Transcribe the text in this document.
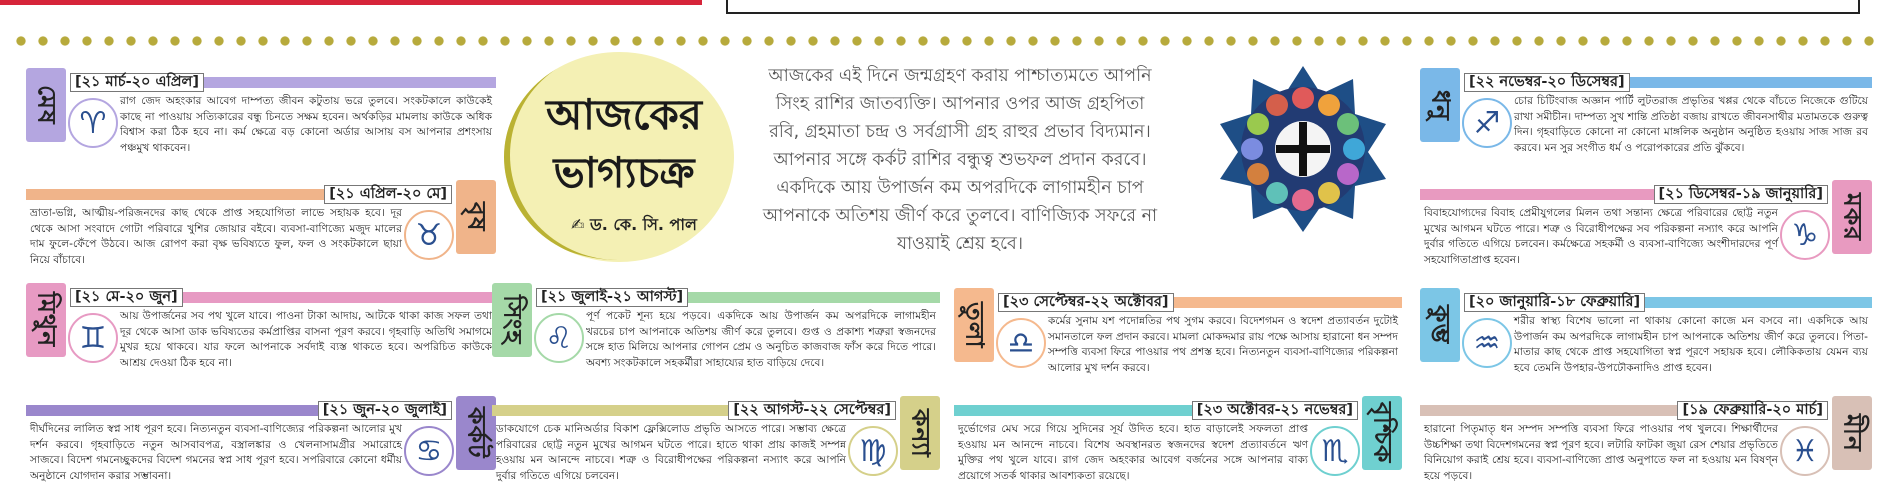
আজকের
ভাগ্যচক্র
✍ ড. কে. সি. পাল
আজকের এই দিনে জন্মগ্রহণ করায় পাশ্চাত্যমতে আপনি সিংহ রাশির জাতব্যক্তি। আপনার ওপর আজ গ্রহপিতা রবি, গ্রহমাতা চন্দ্র ও সর্বগ্রাসী গ্রহ রাহুর প্রভাব বিদ্যমান। আপনার সঙ্গে কর্কট রাশির বন্ধুত্ব শুভফল প্রদান করবে। একদিকে আয় উপার্জন কম অপরদিকে লাগামহীন চাপ আপনাকে অতিশয় জীর্ণ করে তুলবে। বাণিজ্যিক সফরে না যাওয়াই শ্রেয় হবে।
মেষ
[২১ মার্চ-২০ এপ্রিল]
♈
রাগ জেদ অহংকার আবেগ দাম্পত্য জীবন কটুতায় ভরে তুলবে। সংকটকালে কাউকেই কাছে না পাওয়ায় সত্যিকারের বন্ধু চিনতে সক্ষম হবেন। অর্থকড়ির মামলায় কাউকে অধিক বিশ্বাস করা ঠিক হবে না। কর্ম ক্ষেত্রে বড় কোনো অর্ডার আসায় বস আপনার প্রশংসায় পঞ্চমুখ থাকবেন।
বৃষ
[২১ এপ্রিল-২০ মে]
♉
ভ্রাতা-ভগ্নি, আত্মীয়-পরিজনদের কাছ থেকে প্রাপ্ত সহযোগিতা লাভে সহায়ক হবে। দূর থেকে আসা সংবাদে গোটা পরিবারে খুশির জোয়ার বইবে। ব্যবসা-বাণিজ্যে মজুদ মালের দাম ফুলে-ফেঁপে উঠবে। আজ রোপণ করা বৃক্ষ ভবিষ্যতে ফুল, ফল ও সংকটকালে ছায়া নিয়ে বাঁচাবে।
মিথুন [২১ মে-২০ জুন]
♊
আয় উপার্জনের সব পথ খুলে যাবে। পাওনা টাকা আদায়, আটকে থাকা কাজ সফল তথা দূর থেকে আসা ডাক ভবিষ্যতের কর্মপ্রাপ্তির বাসনা পূরণ করবে। গৃহবাড়ি অতিথি সমাগমে মুখর হয়ে থাকবে। যার ফলে আপনাকে সর্বদাই ব্যস্ত থাকতে হবে। অপরিচিত কাউকে আশ্রয় দেওয়া ঠিক হবে না।
কর্কট
[২১ জুন-২০ জুলাই]
♋
দীর্ঘদিনের লালিত স্বপ্ন সাধ পূরণ হবে। নিত্যনতুন ব্যবসা-বাণিজ্যের পরিকল্পনা আলোর মুখ দর্শন করবে। গৃহবাড়িতে নতুন আসবাবপত্র, বস্ত্রালঙ্কার ও খেলনাসামগ্রীর সমারোহে সাজবে। বিদেশ গমনেচ্ছুকদের বিদেশ গমনের স্বপ্ন সাধ পূরণ হবে। সপরিবারে কোনো ধর্মীয় অনুষ্ঠানে যোগদান করার সম্ভাবনা।
সিংহ [২১ জুলাই-২১ আগস্ট]
♌
পূর্ণ পকেট শূন্য হয়ে পড়বে। একদিকে আয় উপার্জন কম অপরদিকে লাগামহীন খরচের চাপ আপনাকে অতিশয় জীর্ণ করে তুলবে। গুপ্ত ও প্রকাশ্য শত্রুরা স্বজনদের সঙ্গে হাত মিলিয়ে আপনার গোপন প্রেম ও অনুচিত কাজবাজ ফাঁস করে দিতে পারে। অবশ্য সংকটকালে সহকর্মীরা সাহায্যের হাত বাড়িয়ে দেবে।
কন্যা
[২২ আগস্ট-২২ সেপ্টেম্বর]
♍
ডাকযোগে চেক মানিঅর্ডার বিকাশ ফ্লেক্সিলোড প্রভৃতি আসতে পারে। সম্ভাব্য ক্ষেত্রে পরিবারের ছোট্ট নতুন মুখের আগমন ঘটতে পারে। হাতে থাকা প্রায় কাজই সম্পন্ন হওয়ায় মন আনন্দে নাচবে। শত্রু ও বিরোধীপক্ষের পরিকল্পনা নস্যাৎ করে আপনি দুর্বার গতিতে এগিয়ে চলবেন।
তুলা
[২৩ সেপ্টেম্বর-২২ অক্টোবর]
♎
কর্মের সুনাম যশ পদোন্নতির পথ সুগম করবে। বিদেশগমন ও স্বদেশ প্রত্যাবর্তন দুটোই সমানতালে ফল প্রদান করবে। মামলা মোকদ্দমার রায় পক্ষে আসায় হারানো ধন সম্পদ সম্পত্তি ব্যবসা ফিরে পাওয়ার পথ প্রশস্ত হবে। নিত্যনতুন ব্যবসা-বাণিজ্যের পরিকল্পনা আলোর মুখ দর্শন করবে।
বৃশ্চিক
[২৩ অক্টোবর-২১ নভেম্বর]
♏
দুর্ভোগের মেঘ সরে গিয়ে সুদিনের সূর্য উদিত হবে। হাত বাড়ালেই সফলতা প্রাপ্ত হওয়ায় মন আনন্দে নাচবে। বিশেষ অবস্থানরত স্বজনদের স্বদেশ প্রত্যাবর্তনে ঋণ মুক্তির পথ খুলে যাবে। রাগ জেদ অহংকার আবেগ বর্জনের সঙ্গে আপনার বাক্য প্রয়োগে সতর্ক থাকার আবশ্যকতা রয়েছে।
ধনু
[২২ নভেম্বর-২০ ডিসেম্বর]
♐
চোর চিটিংবাজ অজ্ঞান পার্টি লুটতরাজ প্রভৃতির খপ্পর থেকে বাঁচতে নিজেকে গুটিয়ে রাখা সমীচীন। দাম্পত্য সুখ শান্তি প্রতিষ্ঠা বজায় রাখতে জীবনসাথীর মতামতকে গুরুত্ব দিন। গৃহবাড়িতে কোনো না কোনো মাঙ্গলিক অনুষ্ঠান অনুষ্ঠিত হওয়ায় সাজ সাজ রব করবে। মন সুর সংগীত ধর্ম ও পরোপকারের প্রতি ঝুঁকবে।
মকর
[২১ ডিসেম্বর-১৯ জানুয়ারি]
♑
বিবাহযোগ্যদের বিবাহ প্রেমীযুগলের মিলন তথা সন্তান্য ক্ষেত্রে পরিবারের ছোট্ট নতুন মুখের আগমন ঘটতে পারে। শত্রু ও বিরোধীপক্ষের সব পরিকল্পনা নস্যাৎ করে আপনি দুর্বার গতিতে এগিয়ে চলবেন। কর্মক্ষেত্রে সহকর্মী ও ব্যবসা-বাণিজ্যে অংশীদারদের পূর্ণ সহযোগিতাপ্রাপ্ত হবেন।
কুম্ভ
[২০ জানুয়ারি-১৮ ফেব্রুয়ারি]
♒
শরীর স্বাস্থ্য বিশেষ ভালো না থাকায় কোনো কাজে মন বসবে না। একদিকে আয় উপার্জন কম অপরদিকে লাগামহীন চাপ আপনাকে অতিশয় জীর্ণ করে তুলবে। পিতা-মাতার কাছ থেকে প্রাপ্ত সহযোগিতা স্বপ্ন পূরণে সহায়ক হবে। লৌকিকতায় যেমন ব্যয় হবে তেমনি উপহার-উপঢৌকনাদিও প্রাপ্ত হবেন।
মীন
[১৯ ফেব্রুয়ারি-২০ মার্চ]
♓
হারানো পিতৃমাতৃ ধন সম্পদ সম্পত্তি ব্যবসা ফিরে পাওয়ার পথ খুলবে। শিক্ষার্থীদের উচ্চশিক্ষা তথা বিদেশগমনের স্বপ্ন পূরণ হবে। লটারি ফাটকা জুয়া রেস শেয়ার প্রভৃতিতে বিনিয়োগ করাই শ্রেয় হবে। ব্যবসা-বাণিজ্যে প্রাপ্ত অনুপাতে ফল না হওয়ায় মন বিষণ্ন হয়ে পড়বে।
